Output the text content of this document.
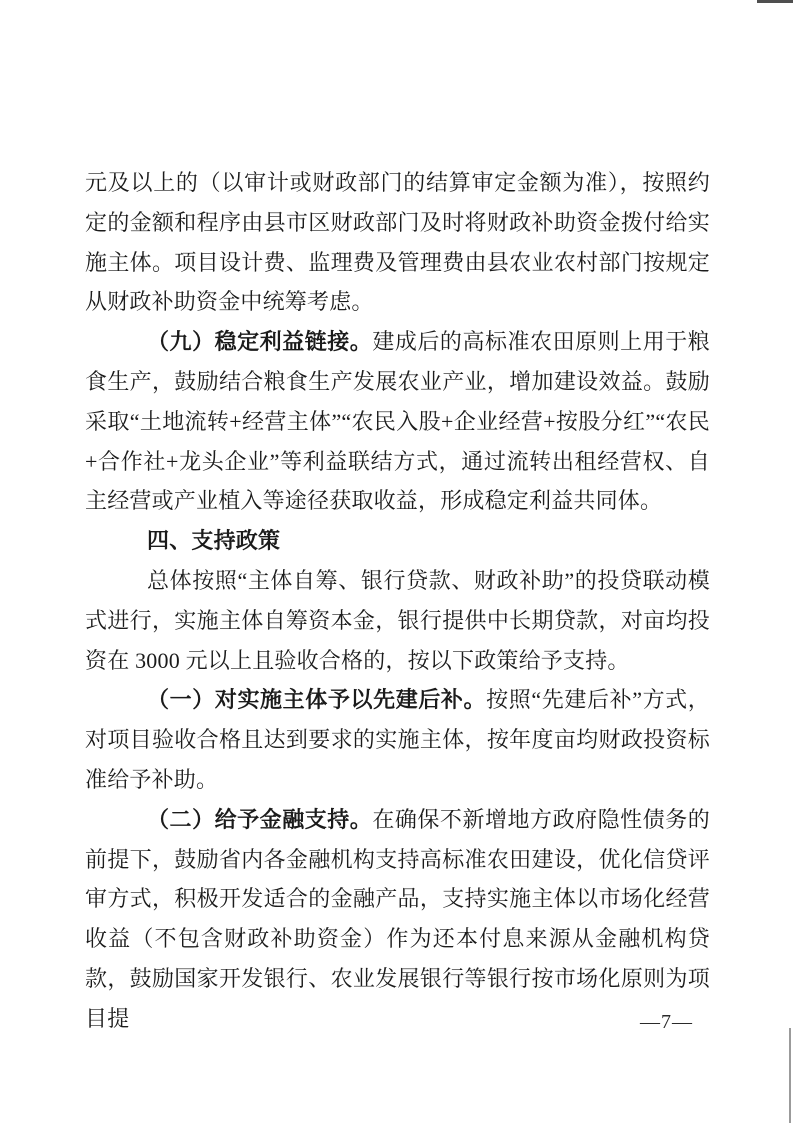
元及以上的（以审计或财政部门的结算审定金额为准），按照约定的金额和程序由县市区财政部门及时将财政补助资金拨付给实施主体。项目设计费、监理费及管理费由县农业农村部门按规定从财政补助资金中统筹考虑。

（九）稳定利益链接。建成后的高标准农田原则上用于粮食生产，鼓励结合粮食生产发展农业产业，增加建设效益。鼓励采取“土地流转+经营主体”“农民入股+企业经营+按股分红”“农民+合作社+龙头企业”等利益联结方式，通过流转出租经营权、自主经营或产业植入等途径获取收益，形成稳定利益共同体。

四、支持政策

总体按照“主体自筹、银行贷款、财政补助”的投贷联动模式进行，实施主体自筹资本金，银行提供中长期贷款，对亩均投资在 3000 元以上且验收合格的，按以下政策给予支持。

（一）对实施主体予以先建后补。按照“先建后补”方式，对项目验收合格且达到要求的实施主体，按年度亩均财政投资标准给予补助。

（二）给予金融支持。在确保不新增地方政府隐性债务的前提下，鼓励省内各金融机构支持高标准农田建设，优化信贷评审方式，积极开发适合的金融产品，支持实施主体以市场化经营收益（不包含财政补助资金）作为还本付息来源从金融机构贷款，鼓励国家开发银行、农业发展银行等银行按市场化原则为项目提	—7—
